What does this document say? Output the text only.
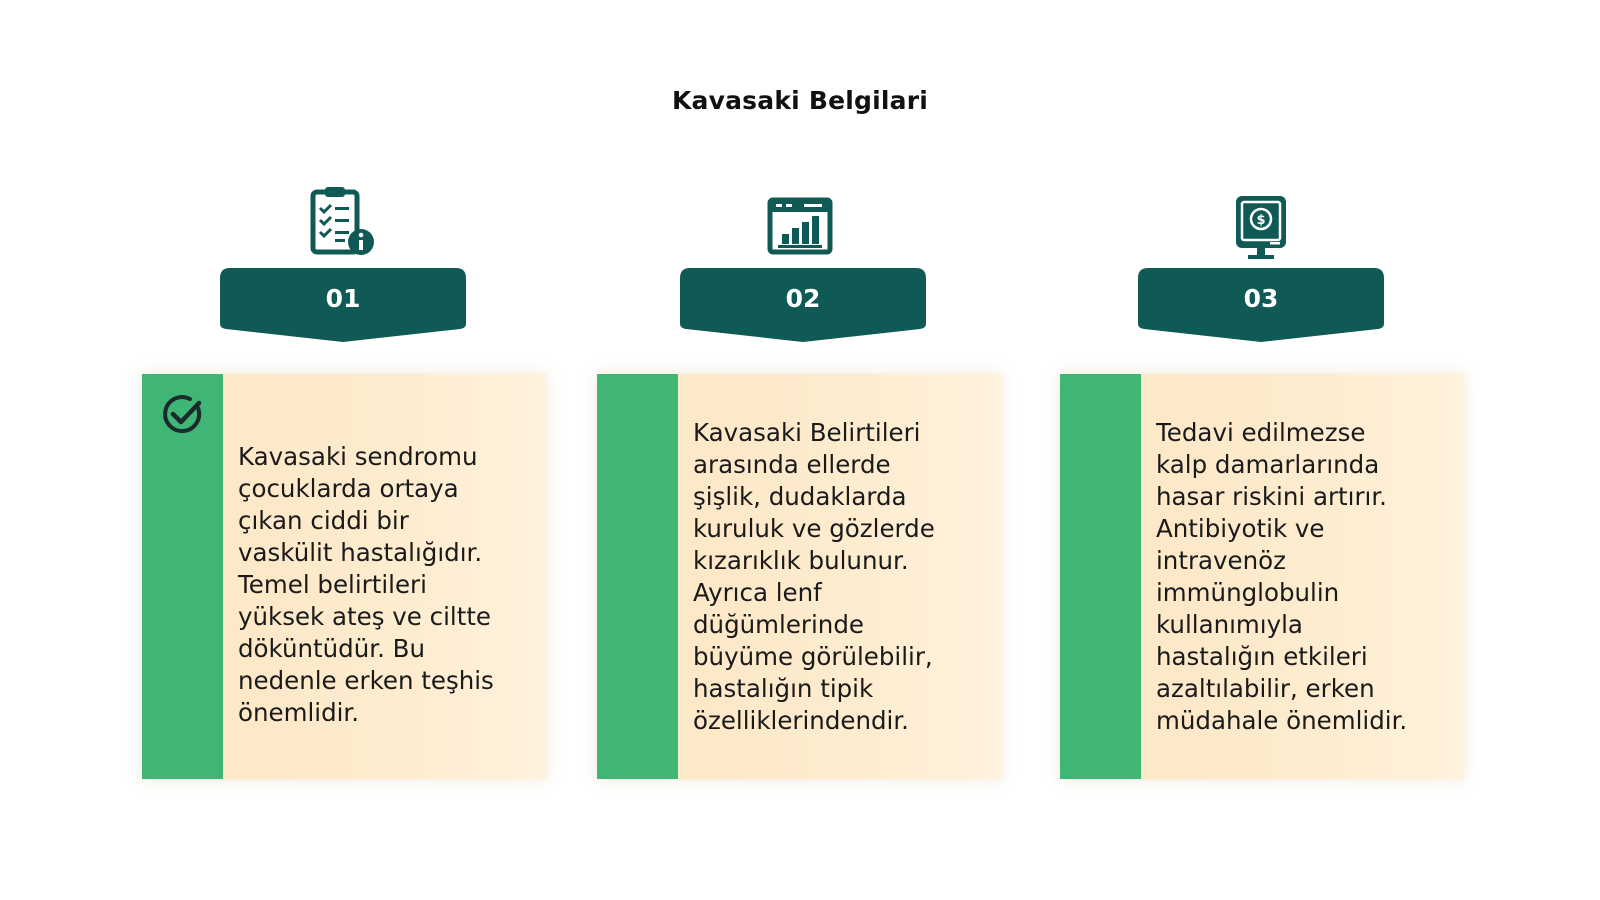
Kavasaki Belgilari
01
Kavasaki sendromu
çocuklarda ortaya
çıkan ciddi bir
vaskülit hastalığıdır.
Temel belirtileri
yüksek ateş ve ciltte
döküntüdür. Bu
nedenle erken teşhis
önemlidir.
02
Kavasaki Belirtileri
arasında ellerde
şişlik, dudaklarda
kuruluk ve gözlerde
kızarıklık bulunur.
Ayrıca lenf
düğümlerinde
büyüme görülebilir,
hastalığın tipik
özelliklerindendir.
$
03
Tedavi edilmezse
kalp damarlarında
hasar riskini artırır.
Antibiyotik ve
intravenöz
immünglobulin
kullanımıyla
hastalığın etkileri
azaltılabilir, erken
müdahale önemlidir.
